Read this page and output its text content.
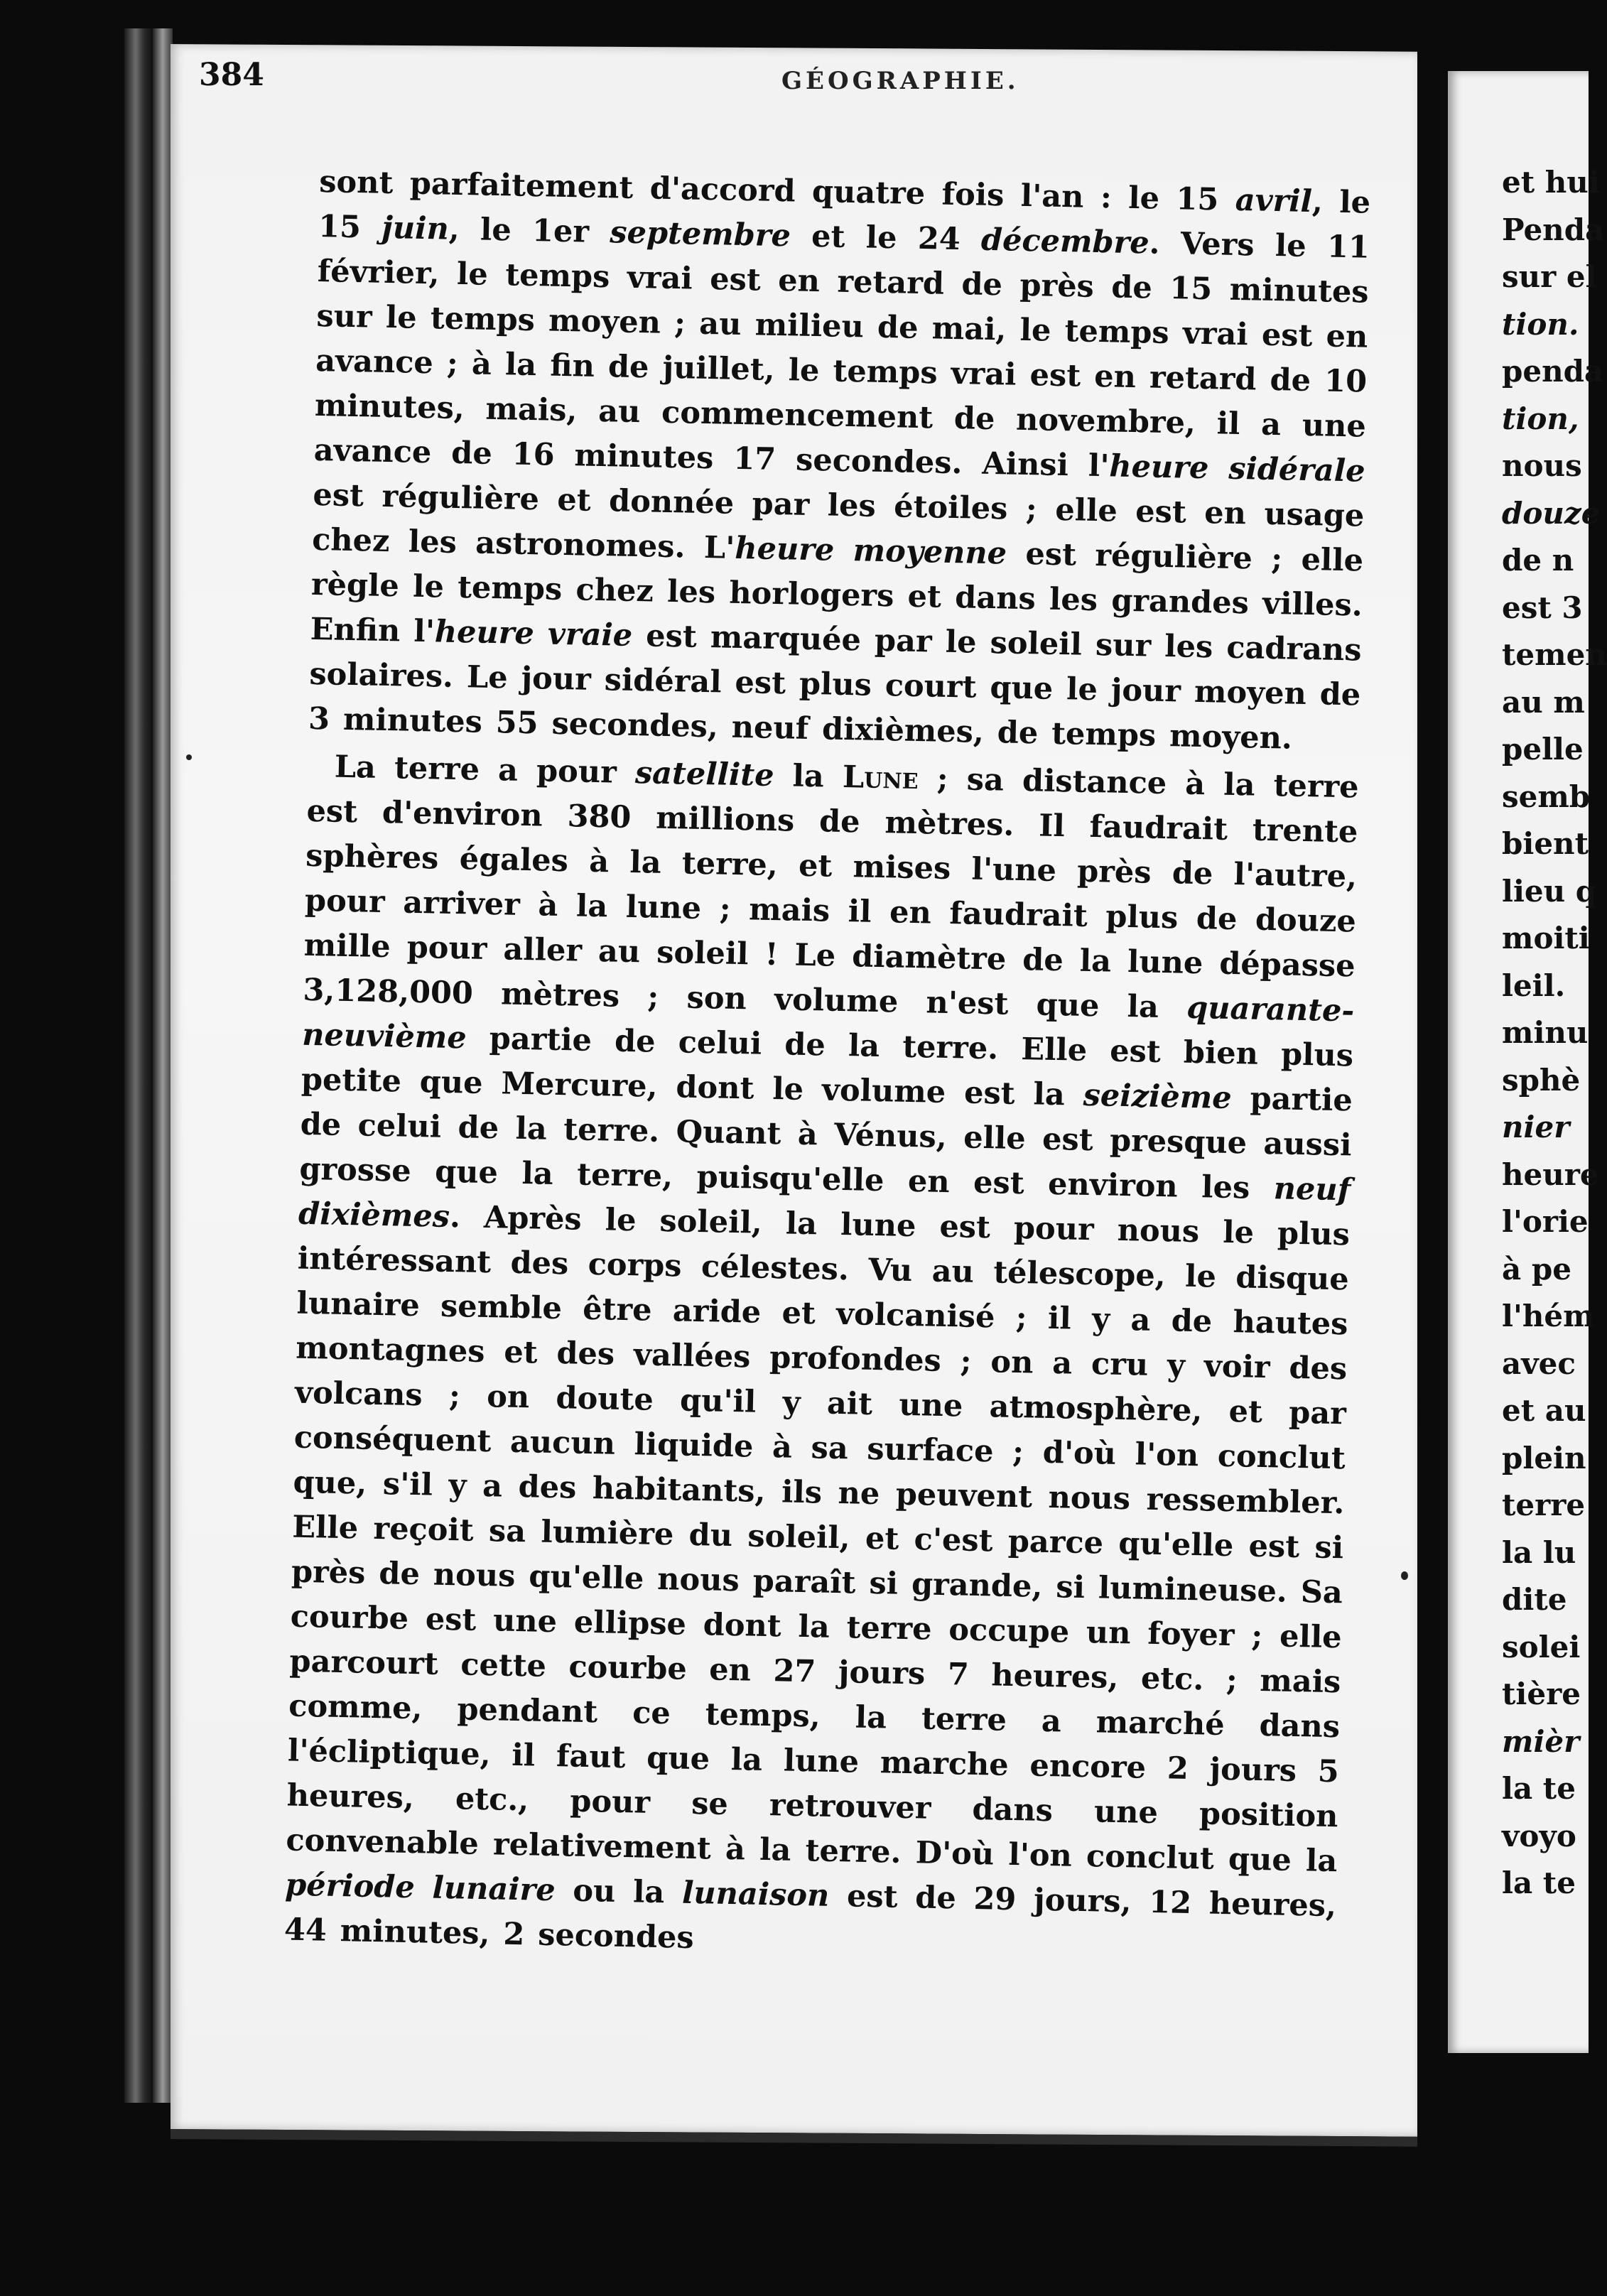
384	GÉOGRAPHIE.

sont parfaitement d'accord quatre fois l'an : le 15 avril, le 15 juin, le 1er septembre et le 24 décembre. Vers le 11 février, le temps vrai est en retard de près de 15 minutes sur le temps moyen ; au milieu de mai, le temps vrai est en avance ; à la fin de juillet, le temps vrai est en retard de 10 minutes, mais, au commencement de novembre, il a une avance de 16 minutes 17 secondes. Ainsi l'heure sidérale est régulière et donnée par les étoiles ; elle est en usage chez les astronomes. L'heure moyenne est régulière ; elle règle le temps chez les horlogers et dans les grandes villes. Enfin l'heure vraie est marquée par le soleil sur les cadrans solaires. Le jour sidéral est plus court que le jour moyen de 3 minutes 55 secondes, neuf dixièmes, de temps moyen.

La terre a pour satellite la Lune ; sa distance à la terre est d'environ 380 millions de mètres. Il faudrait trente sphères égales à la terre, et mises l'une près de l'autre, pour arriver à la lune ; mais il en faudrait plus de douze mille pour aller au soleil ! Le diamètre de la lune dépasse 3,128,000 mètres ; son volume n'est que la quarante-neuvième partie de celui de la terre. Elle est bien plus petite que Mercure, dont le volume est la seizième partie de celui de la terre. Quant à Vénus, elle est presque aussi grosse que la terre, puisqu'elle en est environ les neuf dixièmes. Après le soleil, la lune est pour nous le plus intéressant des corps célestes. Vu au télescope, le disque lunaire semble être aride et volcanisé ; il y a de hautes montagnes et des vallées profondes ; on a cru y voir des volcans ; on doute qu'il y ait une atmosphère, et par conséquent aucun liquide à sa surface ; d'où l'on conclut que, s'il y a des habitants, ils ne peuvent nous ressembler. Elle reçoit sa lumière du soleil, et c'est parce qu'elle est si près de nous qu'elle nous paraît si grande, si lumineuse. Sa courbe est une ellipse dont la terre occupe un foyer ; elle parcourt cette courbe en 27 jours 7 heures, etc. ; mais comme, pendant ce temps, la terre a marché dans l'écliptique, il faut que la lune marche encore 2 jours 5 heures, etc., pour se retrouver dans une position convenable relativement à la terre. D'où l'on conclut que la période lunaire ou la lunaison est de 29 jours, 12 heures, 44 minutes, 2 secondes

et hui
Penda
sur el
tion.
penda
tion,
nous
douze
de n
est 3
temen
au m
pelle
semb
bient
lieu q
moiti
leil.
minu
sphè
nier
heure
l'orie
à pe
l'hém
avec
et au
plein
terre
la lu
dite
solei
tière
mièr
la te
voyo
la te
